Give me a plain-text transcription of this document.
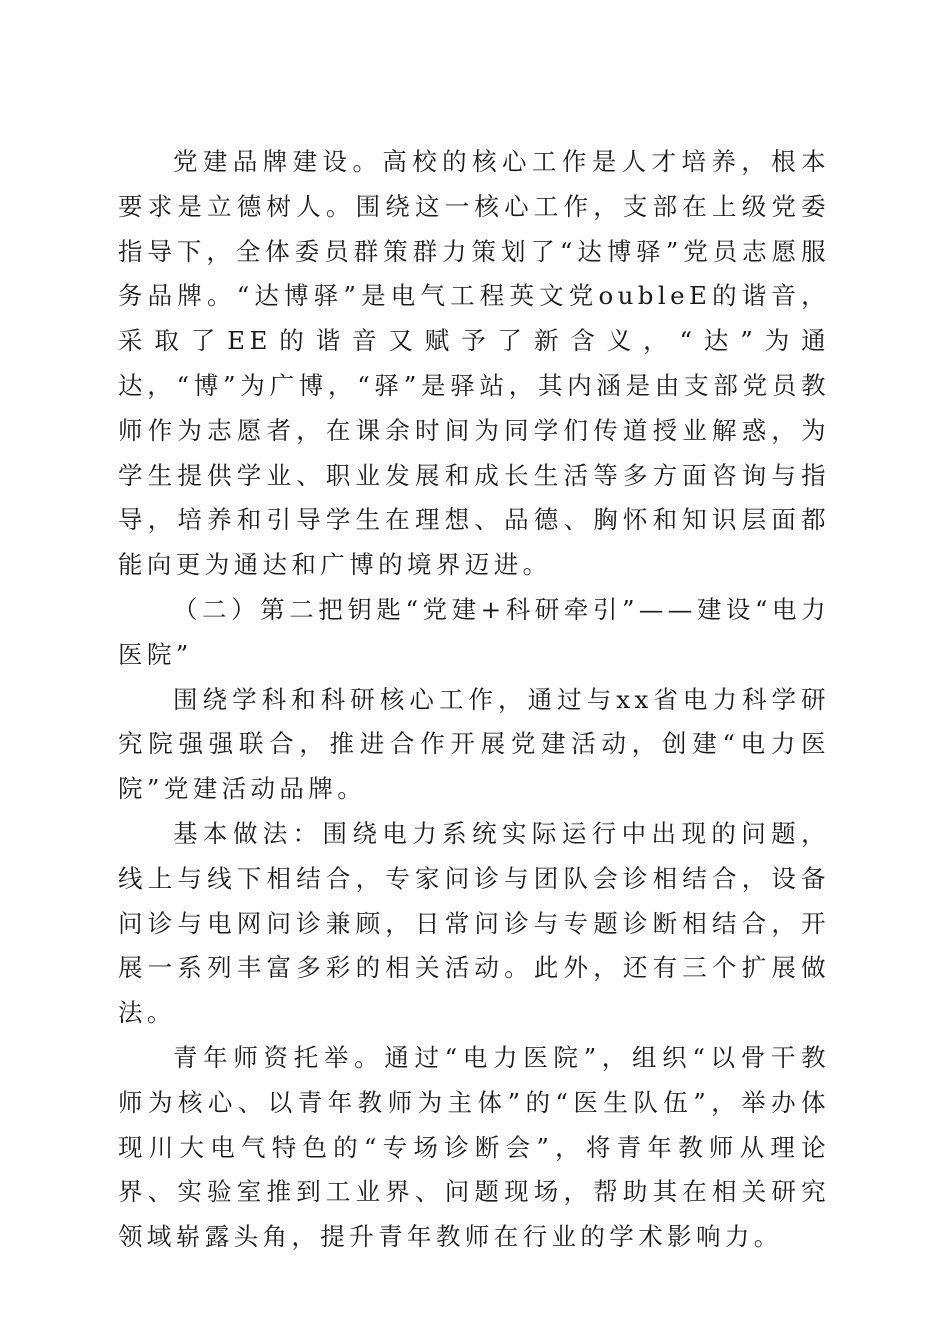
党建品牌建设。高校的核心工作是人才培养，根本要求是立德树人。围绕这一核心工作，支部在上级党委指导下，全体委员群策群力策划了“达博驿”党员志愿服务品牌。“达博驿”是电气工程英文党oubleE的谐音，采取了EE的谐音又赋予了新含义，“达”为通达，“博”为广博，“驿”是驿站，其内涵是由支部党员教师作为志愿者，在课余时间为同学们传道授业解惑，为学生提供学业、职业发展和成长生活等多方面咨询与指导，培养和引导学生在理想、品德、胸怀和知识层面都能向更为通达和广博的境界迈进。

（二）第二把钥匙“党建+科研牵引”——建设“电力医院”

围绕学科和科研核心工作，通过与xx省电力科学研究院强强联合，推进合作开展党建活动，创建“电力医院”党建活动品牌。

基本做法：围绕电力系统实际运行中出现的问题，线上与线下相结合，专家问诊与团队会诊相结合，设备问诊与电网问诊兼顾，日常问诊与专题诊断相结合，开展一系列丰富多彩的相关活动。此外，还有三个扩展做法。

青年师资托举。通过“电力医院”，组织“以骨干教师为核心、以青年教师为主体”的“医生队伍”，举办体现川大电气特色的“专场诊断会”，将青年教师从理论界、实验室推到工业界、问题现场，帮助其在相关研究领域崭露头角，提升青年教师在行业的学术影响力。
